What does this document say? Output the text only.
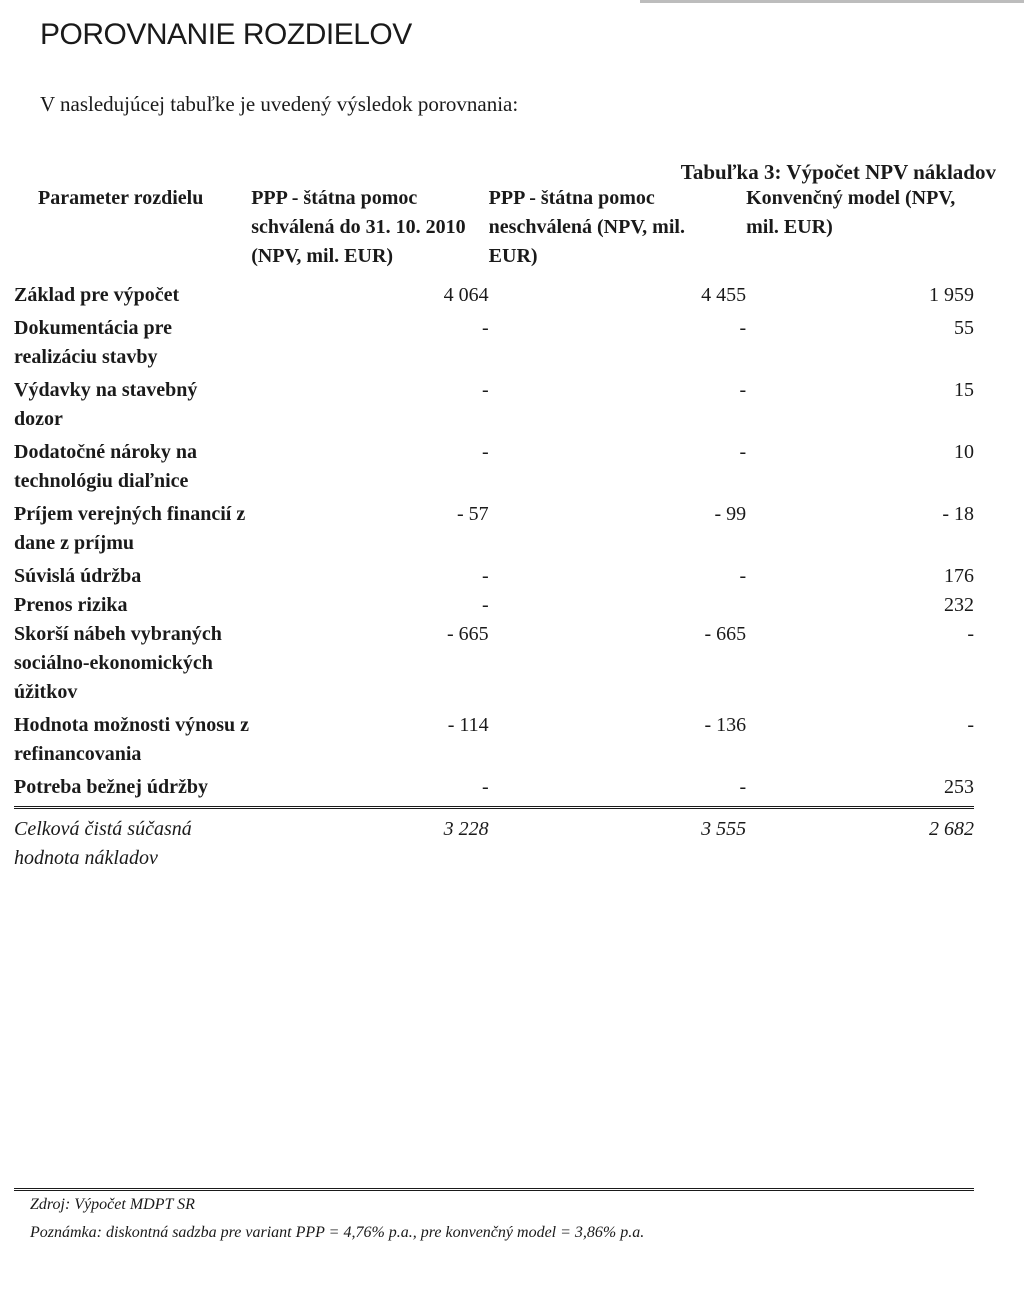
POROVNANIE ROZDIELOV

V nasledujúcej tabuľke je uvedený výsledok porovnania:

Tabuľka 3: Výpočet NPV nákladov

Parameter rozdielu	PPP - štátna pomoc schválená do 31. 10. 2010 (NPV, mil. EUR)	PPP - štátna pomoc neschválená (NPV, mil. EUR)	Konvenčný model (NPV, mil. EUR)
Základ pre výpočet	4 064	4 455	1 959
Dokumentácia pre realizáciu stavby	-	-	55
Výdavky na stavebný dozor	-	-	15
Dodatočné nároky na technológiu diaľnice	-	-	10
Príjem verejných financií z dane z príjmu	- 57	- 99	- 18
Súvislá údržba	-	-	176
Prenos rizika	-		232
Skorší nábeh vybraných sociálno-ekonomických úžitkov	- 665	- 665	-
Hodnota možnosti výnosu z refinancovania	- 114	- 136	-
Potreba bežnej údržby	-	-	253
Celková čistá súčasná hodnota nákladov	3 228	3 555	2 682

Zdroj: Výpočet MDPT SR

Poznámka: diskontná sadzba pre variant PPP = 4,76% p.a., pre konvenčný model = 3,86% p.a.
